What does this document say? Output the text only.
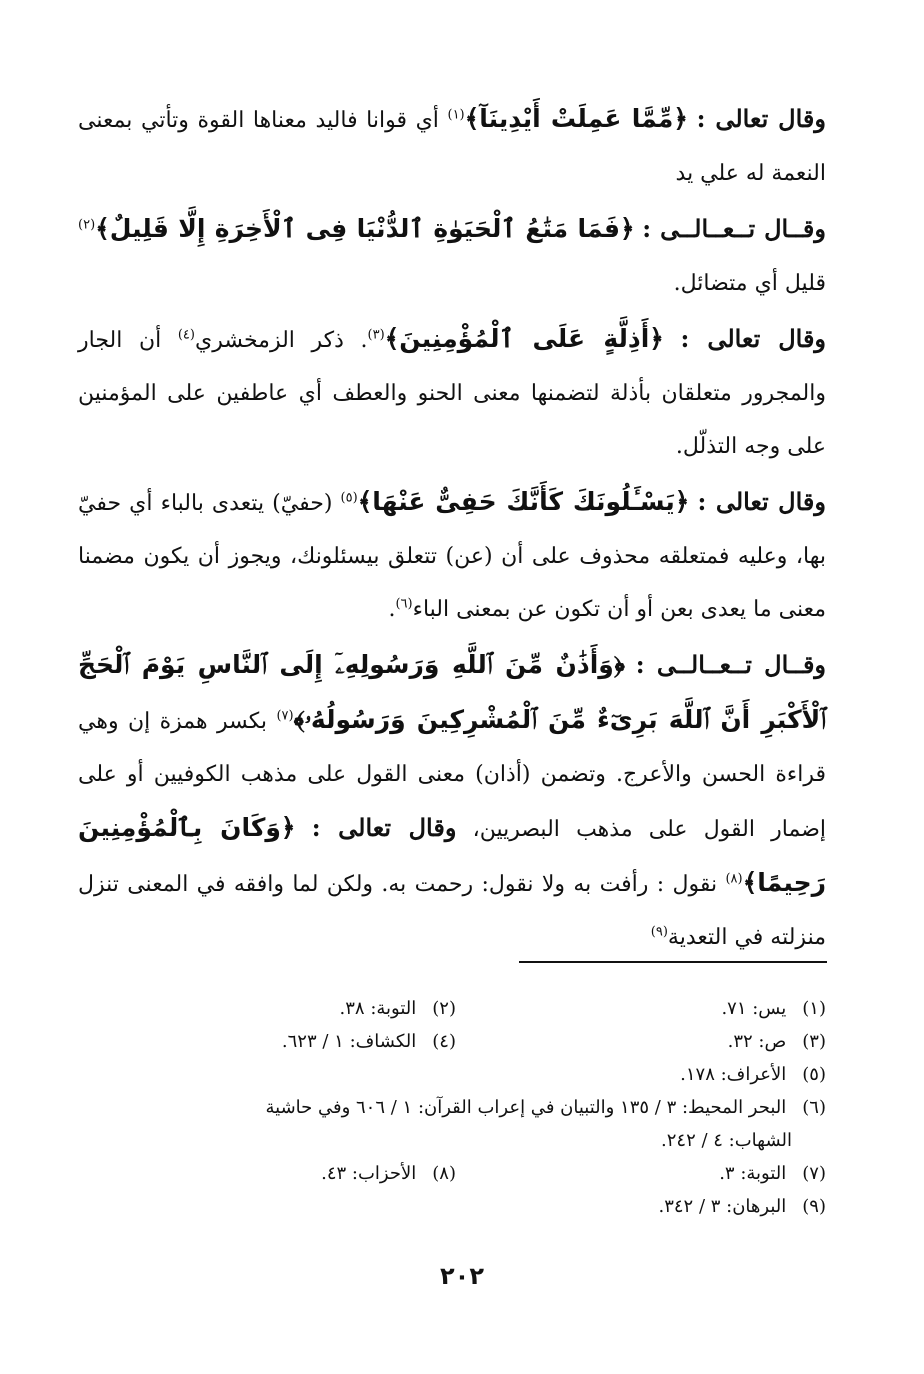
وقال تعالى : ﴿مِّمَّا عَمِلَتْ أَيْدِينَآ﴾$^{(١)}$ أي قوانا فاليد معناها القوة وتأتي بمعنى النعمة له علي يد

وقــال تــعــالــى : ﴿فَمَا مَتَٰعُ ٱلْحَيَوٰةِ ٱلدُّنْيَا فِى ٱلْأَخِرَةِ إِلَّا قَلِيلٌ﴾$^{(٢)}$ قليل أي متضائل.

وقال تعالى : ﴿أَذِلَّةٍ عَلَى ٱلْمُؤْمِنِينَ﴾$^{(٣)}$. ذكر الزمخشري$^{(٤)}$ أن الجار والمجرور متعلقان بأذلة لتضمنها معنى الحنو والعطف أي عاطفين على المؤمنين على وجه التذلّل.

وقال تعالى : ﴿يَسْـَٔلُونَكَ كَأَنَّكَ حَفِىٌّ عَنْهَا﴾$^{(٥)}$ (حفيّ) يتعدى بالباء أي حفيّ بها، وعليه فمتعلقه محذوف على أن (عن) تتعلق بيسئلونك، ويجوز أن يكون مضمنا معنى ما يعدى بعن أو أن تكون عن بمعنى الباء$^{(٦)}$.

وقــال تــعــالــى : ﴿وَأَذَٰنٌ مِّنَ ٱللَّهِ وَرَسُولِهِۦٓ إِلَى ٱلنَّاسِ يَوْمَ ٱلْحَجِّ ٱلْأَكْبَرِ أَنَّ ٱللَّهَ بَرِىٓءٌ مِّنَ ٱلْمُشْرِكِينَ وَرَسُولُهُۥ﴾$^{(٧)}$ بكسر همزة إن وهي قراءة الحسن والأعرج. وتضمن (أذان) معنى القول على مذهب الكوفيين أو على إضمار القول على مذهب البصريين، وقال تعالى : ﴿وَكَانَ بِٱلْمُؤْمِنِينَ رَحِيمًا﴾$^{(٨)}$ نقول : رأفت به ولا نقول: رحمت به. ولكن لما وافقه في المعنى تنزل منزلته في التعدية$^{(٩)}$

(١) يس: ٧١.
(٢) التوبة: ٣٨.
(٣) ص: ٣٢.
(٤) الكشاف: ١ / ٦٢٣.
(٥) الأعراف: ١٧٨.
(٦) البحر المحيط: ٣ / ١٣٥ والتبيان في إعراب القرآن: ١ / ٦٠٦ وفي حاشية
الشهاب: ٤ / ٢٤٢.
(٧) التوبة: ٣.
(٨) الأحزاب: ٤٣.
(٩) البرهان: ٣ / ٣٤٢.
٢٠٢
